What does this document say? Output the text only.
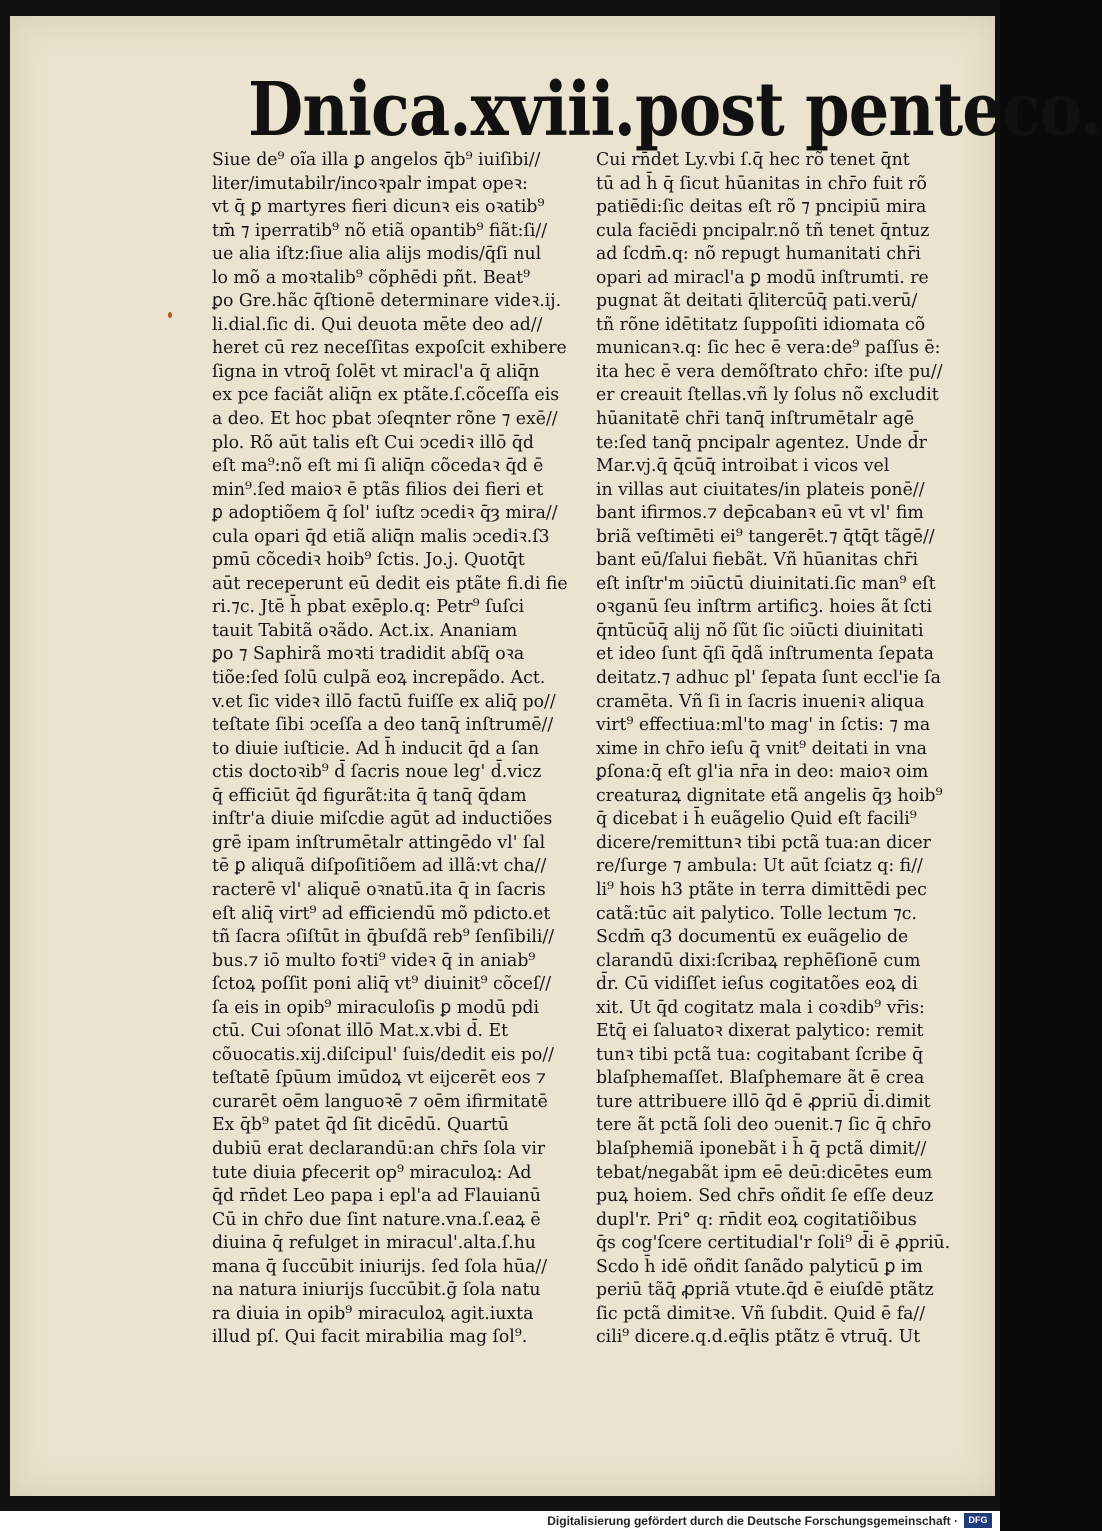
Dnica.xviii.post penteco.
Siue de⁹ oĩa illa ꝑ angelos q̄b⁹ iuiſibi//
liter/imutabilr/incoꝛpalr impat opeꝛ:
vt q̄ ꝑ martyres fieri dicunꝛ eis oꝛatib⁹
tm̄ ⁊ iperratib⁹ nõ etiã opantib⁹ fiãt:ſi//
ue alia iſtz:ſiue alia alijs modis/q̄ſi nul
lo mõ a moꝛtalib⁹ cõphēdi pñt. Beat⁹
ꝑo Gre.hãc q̄ſtionē determinare videꝛ.ij.
li.dial.ſic di. Qui deuota mēte deo ad//
heret cū rez neceſſitas expoſcit exhibere
ſigna in vtroq̄ ſolēt vt miracl'a q̄ aliq̄n
ex pce faciãt aliq̄n ex ptãte.ſ.cõceſſa eis
a deo. Et hoc pbat ↄſeqnter rõne ⁊ exē//
plo. Rõ aūt talis eſt Cui ↄcediꝛ illō q̄d
eſt ma⁹:nõ eſt mi ſi aliq̄n cõcedaꝛ q̄d ē
min⁹.ſed maioꝛ ē ptãs filios dei fieri et
ꝑ adoptiõem q̄ ſol' iuſtz ↄcediꝛ q̄ȝ mira//
cula opari q̄d etiã aliq̄n malis ↄcediꝛ.ſ3
pmū cõcediꝛ hoib⁹ ſctis. Jo.j. Quotq̄t
aūt receperunt eū dedit eis ptãte fi.di fie
ri.⁊c. Jtē h̄ pbat exēplo.q: Petr⁹ ſuſci
tauit Tabitã oꝛãdo. Act.ix. Ananiam
ꝑo ⁊ Saphirã moꝛti tradidit abſq̄ oꝛa
tiõe:ſed ſolū culpã eoꝝ increpãdo. Act.
v.et ſic videꝛ illō factū fuiſſe ex aliq̄ po//
teſtate ſibi ↄceſſa a deo tanq̄ inſtrumē//
to diuie iuſticie. Ad h̄ inducit q̄d a ſan
ctis doctoꝛib⁹ d̄ ſacris noue leg' d̄.vicz
q̄ efficiūt q̄d figurãt:ita q̄ tanq̄ q̄dam
inſtr'a diuie miſcdie agūt ad inductiões
grē ipam inſtrumētalr attingēdo vl' ſal
tē ꝑ aliquã diſpoſitiõem ad illã:vt cha//
racterē vl' aliquē oꝛnatū.ita q̄ in ſacris
eſt aliq̄ virt⁹ ad efficiendū mõ pdicto.et
tñ ſacra ↄſiſtūt in q̄buſdã reb⁹ ſenſibili//
bus.⁊ iō multo foꝛti⁹ videꝛ q̄ in aniab⁹
ſctoꝝ poſſit poni aliq̄ vt⁹ diuinit⁹ cõceſ//
ſa eis in opib⁹ miraculoſis ꝑ modū pdi
ctū. Cui ↄſonat illō Mat.x.vbi d̄. Et
cõuocatis.xij.diſcipul' ſuis/dedit eis po//
teſtatē ſpūum imūdoꝝ vt eijcerēt eos ⁊
curarēt oēm languoꝛē ⁊ oēm ifirmitatē
Ex q̄b⁹ patet q̄d ſit dicēdū. Quartū
dubiū erat declarandū:an chr̄s ſola vir
tute diuia ꝑfecerit op⁹ miraculoꝝ: Ad
q̄d rn̄det Leo papa i epl'a ad Flauianū
Cū in chr̄o due ſint nature.vna.ſ.eaꝝ ē
diuina q̄ refulget in miracul'.alta.ſ.hu
mana q̄ ſuccūbit iniurijs. ſed ſola hūa//
na natura iniurijs ſuccūbit.ḡ ſola natu
ra diuia in opib⁹ miraculoꝝ agit.iuxta
illud pſ. Qui facit mirabilia mag ſol⁹.
Cui rn̄det Ly.vbi ſ.q̄ hec rõ tenet q̄nt
tū ad h̄ q̄ ſicut hūanitas in chr̄o fuit rõ
patiēdi:ſic deitas eſt rõ ⁊ pncipiū mira
cula faciēdi pncipalr.nõ tñ tenet q̄ntuz
ad ſcdm̄.q: nõ repugt humanitati chr̄i
opari ad miracl'a ꝑ modū inſtrumti. re
pugnat ãt deitati q̄litercūq̄ pati.verū/
tñ rõne idētitatz ſuppoſiti idiomata cõ
municanꝛ.q: ſic hec ē vera:de⁹ paſſus ē:
ita hec ē vera demõſtrato chr̄o: iſte pu//
er creauit ſtellas.vñ ly ſolus nõ excludit
hūanitatē chr̄i tanq̄ inſtrumētalr agē
te:ſed tanq̄ pncipalr agentez. Unde d̄r
Mar.vj.q̄ q̄cūq̄ introibat i vicos vel
in villas aut ciuitates/in plateis ponē//
bant ifirmos.⁊ dep̄cabanꝛ eū vt vl' fim
briã veſtimēti ei⁹ tangerēt.⁊ q̄tq̄t tãgē//
bant eū/ſalui fiebãt. Vñ hūanitas chr̄i
eſt inſtr'm ↄiūctū diuinitati.ſic man⁹ eſt
oꝛganū ſeu inſtrm artificꝫ. hoies ãt ſcti
q̄ntūcūq̄ alij nõ ſũt ſic ↄiūcti diuinitati
et ideo ſunt q̄ſi q̄dã inſtrumenta ſepata
deitatz.⁊ adhuc pl' ſepata ſunt eccl'ie ſa
cramēta. Vñ ſi in ſacris inueniꝛ aliqua
virt⁹ effectiua:ml'to mag' in ſctis: ⁊ ma
xime in chr̄o ieſu q̄ vnit⁹ deitati in vna
ꝑſona:q̄ eſt gl'ia nr̄a in deo: maioꝛ oim
creaturaꝝ dignitate etã angelis q̄ȝ hoib⁹
q̄ dicebat i h̄ euãgelio Quid eſt facili⁹
dicere/remittunꝛ tibi pctã tua:an dicer
re/ſurge ⁊ ambula: Ut aūt ſciatz q: fi//
li⁹ hois h3 ptãte in terra dimittēdi pec
catã:tūc ait palytico. Tolle lectum ⁊c.
Scdm̄ q3 documentū ex euãgelio de
clarandū dixi:ſcribaꝝ rephēſionē cum
d̄r. Cū vidiſſet ieſus cogitatões eoꝝ di
xit. Ut q̄d cogitatz mala i coꝛdib⁹ vr̄is:
Etq̄ ei ſaluatoꝛ dixerat palytico: remit
tunꝛ tibi pctã tua: cogitabant ſcribe q̄
blaſphemaſſet. Blaſphemare ãt ē crea
ture attribuere illō q̄d ē ꝓpriū d̄i.dimit
tere ãt pctã ſoli deo ↄuenit.⁊ ſic q̄ chr̄o
blaſphemiã iponebãt i h̄ q̄ pctã dimit//
tebat/negabãt ipm eē deū:dicētes eum
puꝝ hoiem. Sed chr̄s oñdit ſe eſſe deuz
dupl'r. Pri° q: rn̄dit eoꝝ cogitatiõibus
q̄s cog'ſcere certitudial'r ſoli⁹ d̄i ē ꝓpriū.
Scdo h̄ idē oñdit ſanãdo palyticū ꝑ im
periū tãq̄ ꝓpriã vtute.q̄d ē eiuſdē ptãtz
ſic pctã dimitꝛe. Vñ ſubdit. Quid ē fa//
cili⁹ dicere.q.d.eq̄lis ptãtz ē vtruq̄. Ut
Digitalisierung gefördert durch die Deutsche Forschungsgemeinschaft ·	DFG
